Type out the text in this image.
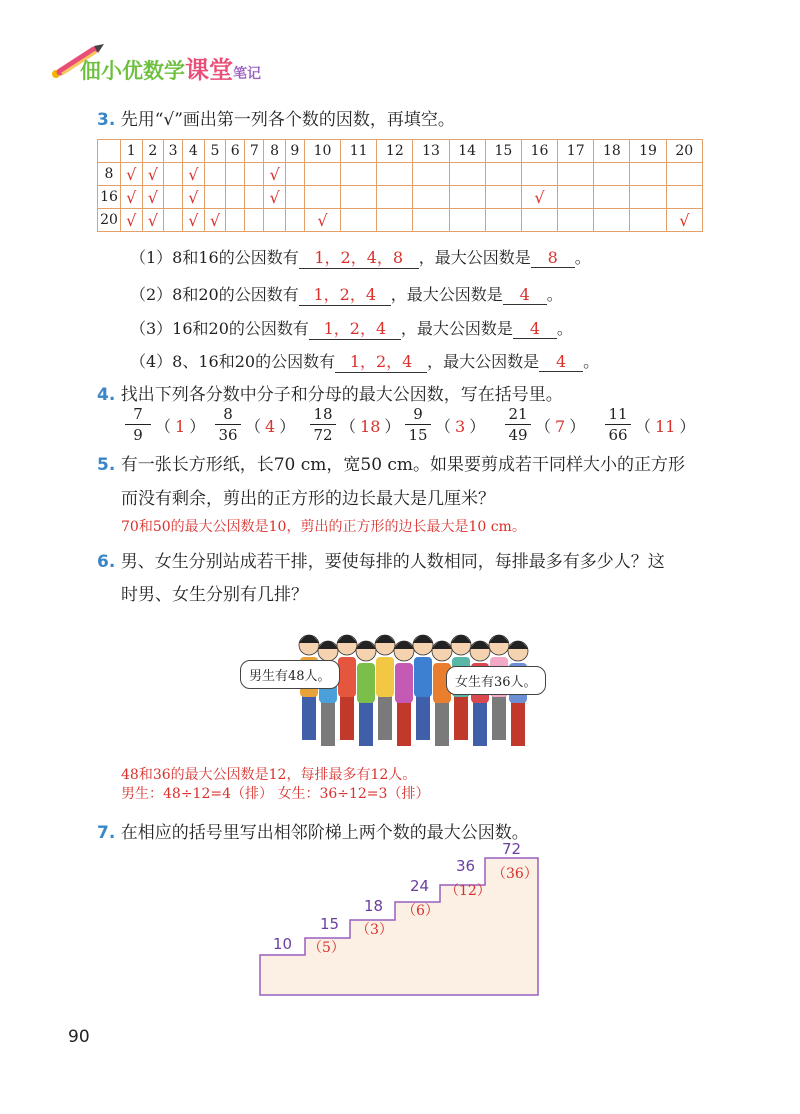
佃小优数学课堂笔记
3. 先用“√”画出第一列各个数的因数，再填空。
	1	2	3	4	5	6	7	8	9	10	11	12	13	14	15	16	17	18	19	20
8	√	√		√				√												
16	√	√		√				√								√				
20	√	√		√	√					√										√
（1）8和16的公因数有 1，2，4，8 ，最大公因数是 8 。
（2）8和20的公因数有 1，2，4 ，最大公因数是 4 。
（3）16和20的公因数有 1，2，4 ，最大公因数是 4 。
（4）8、16和20的公因数有 1，2，4 ，最大公因数是 4 。
4. 找出下列各分数中分子和分母的最大公因数，写在括号里。
7
9 （ 1 ）
8
36 （ 4 ）
18
72 （ 18 ）
9
15 （ 3 ）
21
49 （ 7 ）
11
66 （ 11 ）
5. 有一张长方形纸，长70 cm，宽50 cm。如果要剪成若干同样大小的正方形
而没有剩余，剪出的正方形的边长最大是几厘米？
70和50的最大公因数是10，剪出的正方形的边长最大是10 cm。
6. 男、女生分别站成若干排，要使每排的人数相同，每排最多有多少人？这
时男、女生分别有几排？
男生有48人。	女生有36人。
48和36的最大公因数是12，每排最多有12人。
男生：48÷12=4（排） 女生：36÷12=3（排）
7. 在相应的括号里写出相邻阶梯上两个数的最大公因数。
10
15
18
24
36
72
（5）
（3）
（6）
（12）
（36）
90
